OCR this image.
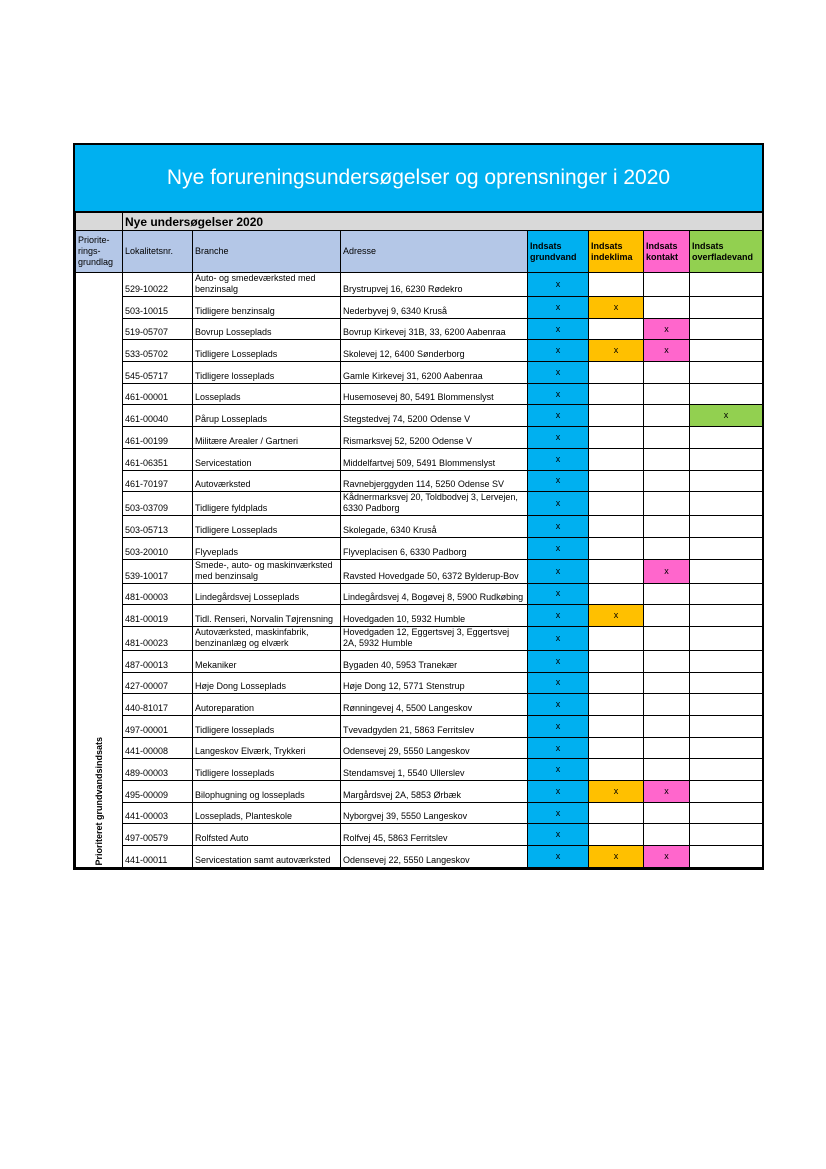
Nye forureningsundersøgelser og oprensninger i 2020
	Nye undersøgelser 2020						
Priorite-rings-grundlag	Lokalitetsnr.	Branche	Adresse	Indsats grundvand	Indsats indeklima	Indsats kontakt	Indsats overfladevand

Prioriteret grundvandsindsats	529-10022	Auto- og smedeværksted med benzinsalg	Brystrupvej 16, 6230 Rødekro	x			
	503-10015	Tidligere benzinsalg	Nederbyvej 9, 6340 Kruså	x	x		
	519-05707	Bovrup Losseplads	Bovrup Kirkevej 31B, 33, 6200 Aabenraa	x		x	
	533-05702	Tidligere Losseplads	Skolevej 12, 6400 Sønderborg	x	x	x	
	545-05717	Tidligere losseplads	Gamle Kirkevej 31, 6200 Aabenraa	x			
	461-00001	Losseplads	Husemosevej 80, 5491 Blommenslyst	x			
	461-00040	Pårup Losseplads	Stegstedvej 74, 5200 Odense V	x			x
	461-00199	Militære Arealer / Gartneri	Rismarksvej 52, 5200 Odense V	x			
	461-06351	Servicestation	Middelfartvej 509, 5491 Blommenslyst	x			
	461-70197	Autoværksted	Ravnebjerggyden 114, 5250 Odense SV	x			
	503-03709	Tidligere fyldplads	Kådnermarksvej 20, Toldbodvej 3, Lervejen, 6330 Padborg	x			
	503-05713	Tidligere Losseplads	Skolegade, 6340 Kruså	x			
	503-20010	Flyveplads	Flyveplacisen 6, 6330 Padborg	x			
	539-10017	Smede-, auto- og maskinværksted med benzinsalg	Ravsted Hovedgade 50, 6372 Bylderup-Bov	x		x	
	481-00003	Lindegårdsvej Losseplads	Lindegårdsvej 4, Bogøvej 8, 5900 Rudkøbing	x			
	481-00019	Tidl. Renseri, Norvalin Tøjrensning	Hovedgaden 10, 5932 Humble	x	x		
	481-00023	Autoværksted, maskinfabrik, benzinanlæg og elværk	Hovedgaden 12, Eggertsvej 3, Eggertsvej 2A, 5932 Humble	x			
	487-00013	Mekaniker	Bygaden 40, 5953 Tranekær	x			
	427-00007	Høje Dong Losseplads	Høje Dong 12, 5771 Stenstrup	x			
	440-81017	Autoreparation	Rønningevej 4, 5500 Langeskov	x			
	497-00001	Tidligere losseplads	Tvevadgyden 21, 5863 Ferritslev	x			
	441-00008	Langeskov Elværk, Trykkeri	Odensevej 29, 5550 Langeskov	x			
	489-00003	Tidligere losseplads	Stendamsvej 1, 5540 Ullerslev	x			
	495-00009	Bilophugning og losseplads	Margårdsvej 2A, 5853 Ørbæk	x	x	x	
	441-00003	Losseplads, Planteskole	Nyborgvej 39, 5550 Langeskov	x			
	497-00579	Rolfsted Auto	Rolfvej 45, 5863 Ferritslev	x			
	441-00011	Servicestation samt autoværksted	Odensevej 22, 5550 Langeskov	x	x	x	
